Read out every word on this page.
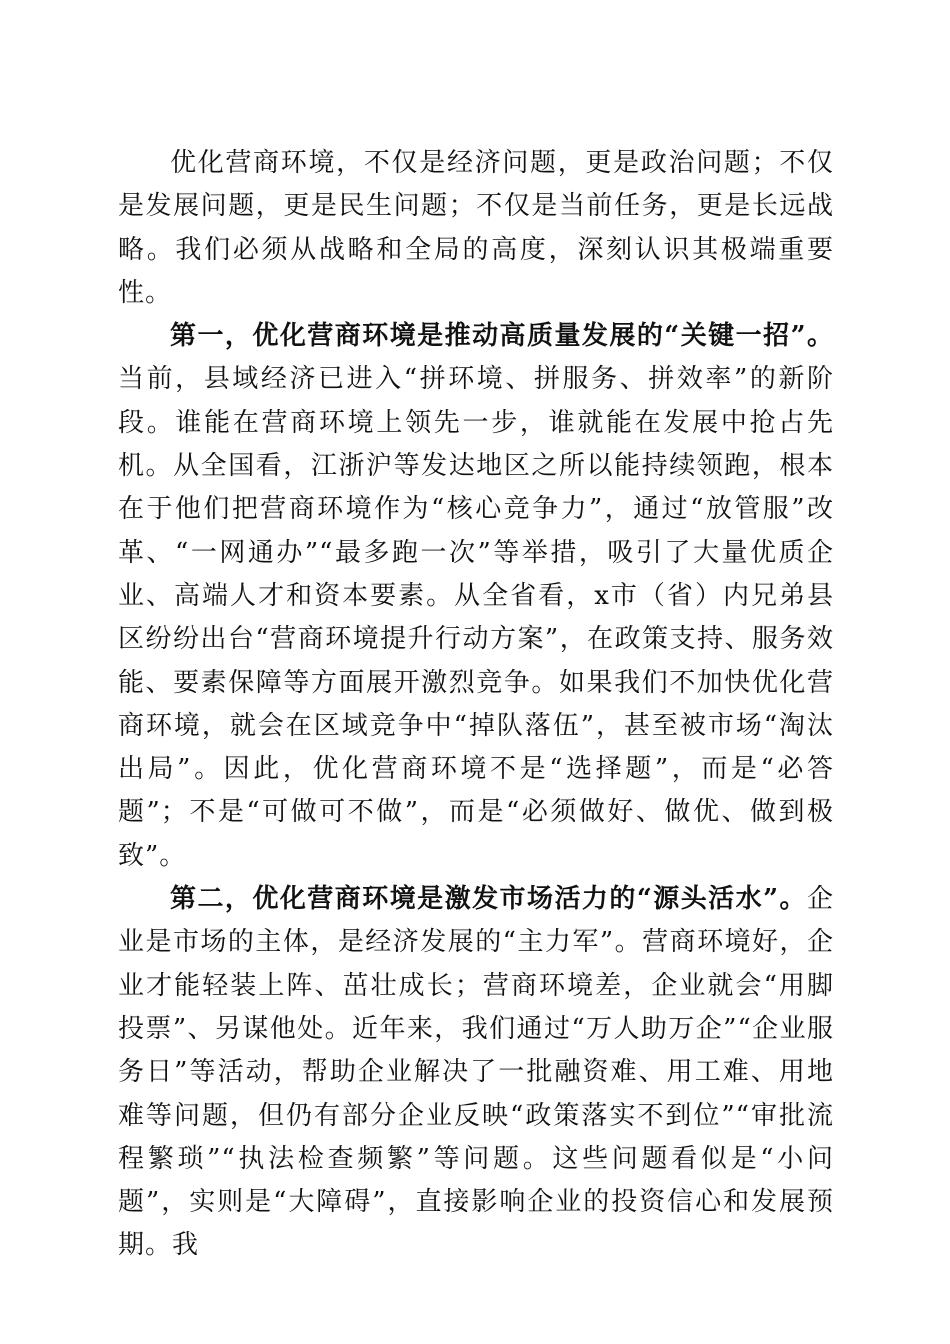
优化营商环境，不仅是经济问题，更是政治问题；不仅是发展问题，更是民生问题；不仅是当前任务，更是长远战略。我们必须从战略和全局的高度，深刻认识其极端重要性。

第一，优化营商环境是推动高质量发展的“关键一招”。当前，县域经济已进入“拼环境、拼服务、拼效率”的新阶段。谁能在营商环境上领先一步，谁就能在发展中抢占先机。从全国看，江浙沪等发达地区之所以能持续领跑，根本在于他们把营商环境作为“核心竞争力”，通过“放管服”改革、“一网通办”“最多跑一次”等举措，吸引了大量优质企业、高端人才和资本要素。从全省看，x市（省）内兄弟县区纷纷出台“营商环境提升行动方案”，在政策支持、服务效能、要素保障等方面展开激烈竞争。如果我们不加快优化营商环境，就会在区域竞争中“掉队落伍”，甚至被市场“淘汰出局”。因此，优化营商环境不是“选择题”，而是“必答题”；不是“可做可不做”，而是“必须做好、做优、做到极致”。

第二，优化营商环境是激发市场活力的“源头活水”。企业是市场的主体，是经济发展的“主力军”。营商环境好，企业才能轻装上阵、茁壮成长；营商环境差，企业就会“用脚投票”、另谋他处。近年来，我们通过“万人助万企”“企业服务日”等活动，帮助企业解决了一批融资难、用工难、用地难等问题，但仍有部分企业反映“政策落实不到位”“审批流程繁琐”“执法检查频繁”等问题。这些问题看似是“小问题”，实则是“大障碍”，直接影响企业的投资信心和发展预期。我
